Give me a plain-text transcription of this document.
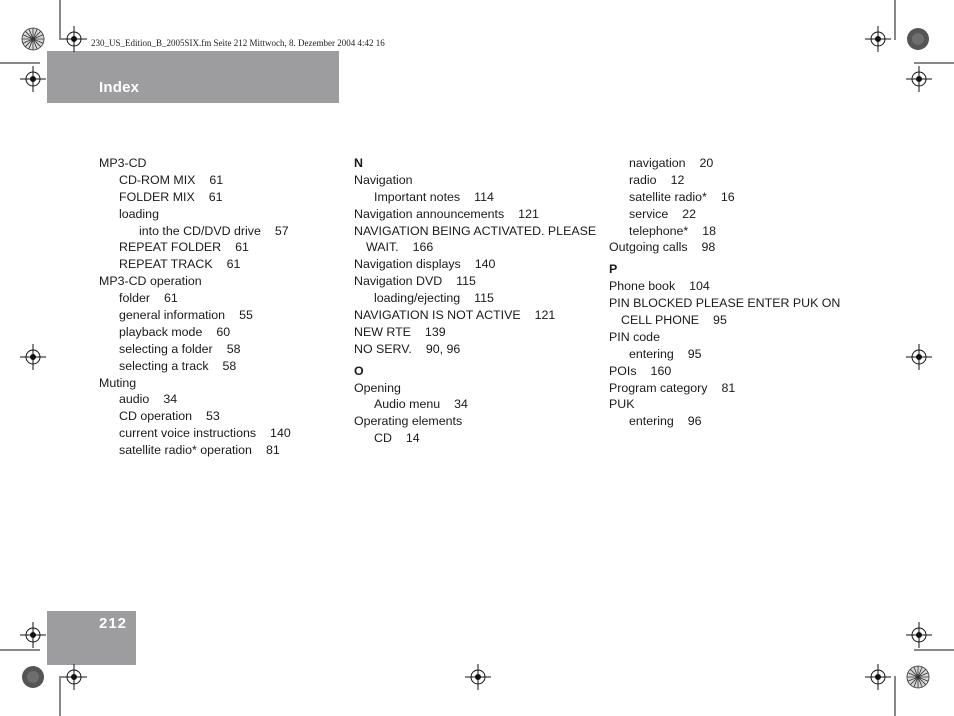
230_US_Edition_B_2005SIX.fm Seite 212 Mittwoch, 8. Dezember 2004 4:42 16
Index
MP3-CD
CD-ROM MIX 61
FOLDER MIX 61
loading
into the CD/DVD drive 57
REPEAT FOLDER 61
REPEAT TRACK 61
MP3-CD operation
folder 61
general information 55
playback mode 60
selecting a folder 58
selecting a track 58
Muting
audio 34
CD operation 53
current voice instructions 140
satellite radio* operation 81
N
Navigation
Important notes 114
Navigation announcements 121
NAVIGATION BEING ACTIVATED. PLEASE
WAIT. 166
Navigation displays 140
Navigation DVD 115
loading/ejecting 115
NAVIGATION IS NOT ACTIVE 121
NEW RTE 139
NO SERV. 90, 96
O
Opening
Audio menu 34
Operating elements
CD 14
navigation 20
radio 12
satellite radio* 16
service 22
telephone* 18
Outgoing calls 98
P
Phone book 104
PIN BLOCKED PLEASE ENTER PUK ON
CELL PHONE 95
PIN code
entering 95
POIs 160
Program category 81
PUK
entering 96
212
